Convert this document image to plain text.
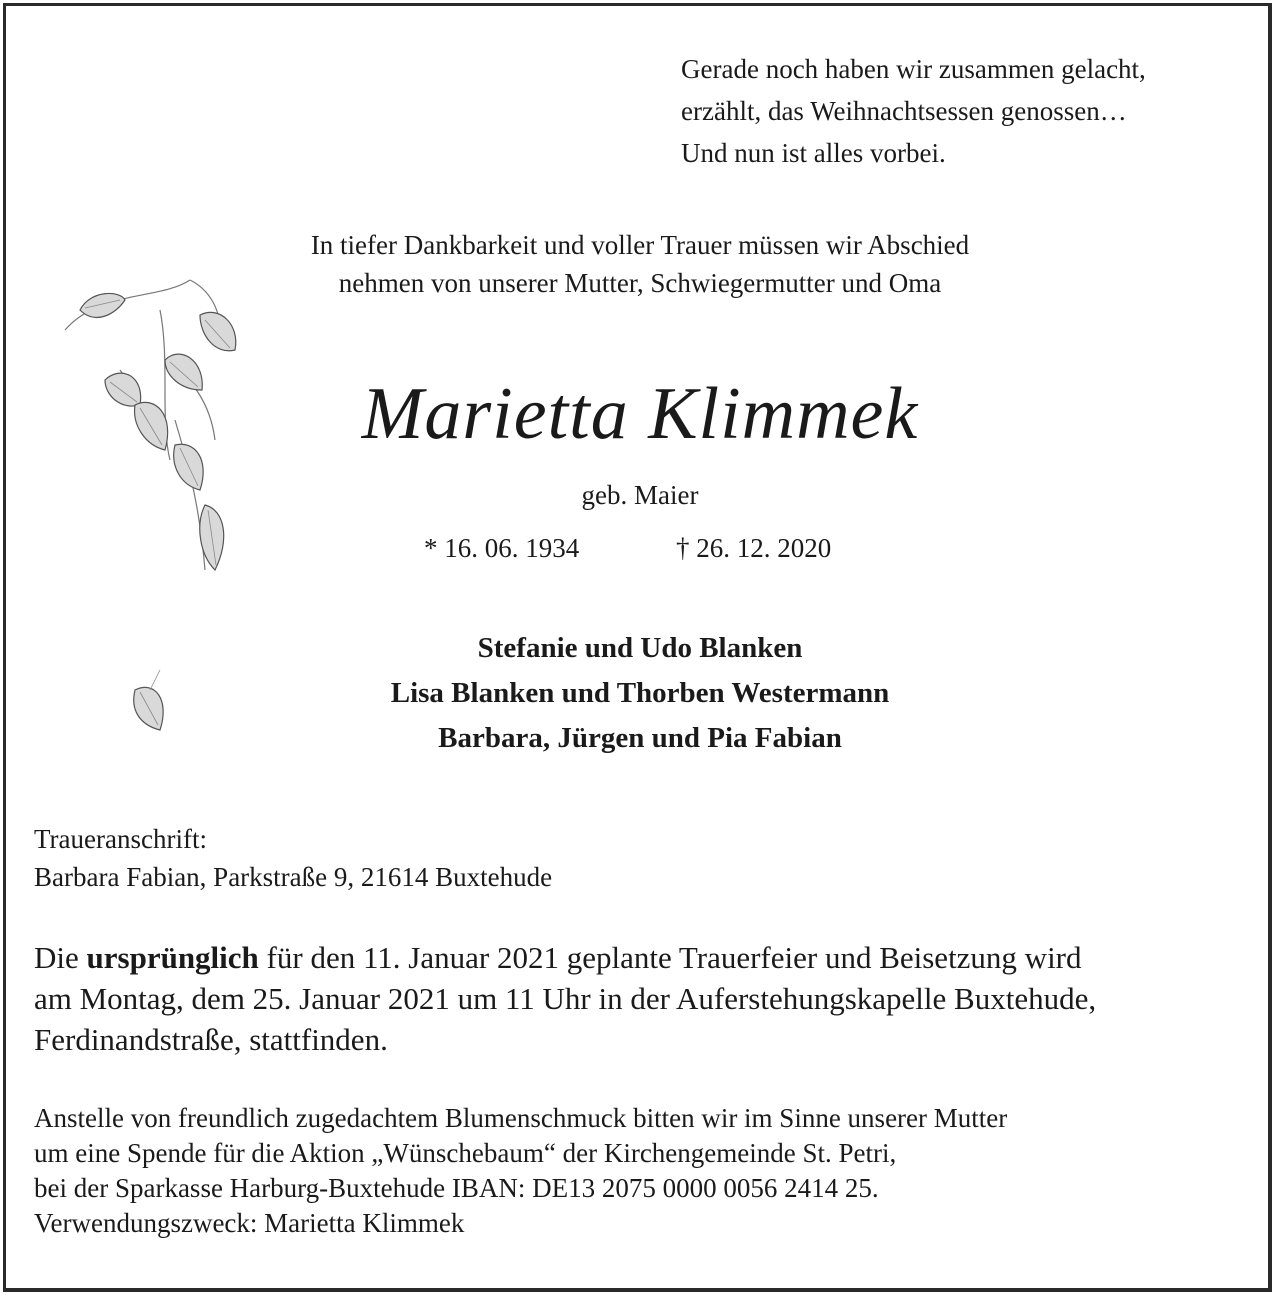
Gerade noch haben wir zusammen gelacht,
erzählt, das Weihnachtsessen genossen…
Und nun ist alles vorbei.
In tiefer Dankbarkeit und voller Trauer müssen wir Abschied
nehmen von unserer Mutter, Schwiegermutter und Oma
Marietta Klimmek
geb. Maier
* 16. 06. 1934	† 26. 12. 2020
Stefanie und Udo Blanken
Lisa Blanken und Thorben Westermann
Barbara, Jürgen und Pia Fabian
Traueranschrift:
Barbara Fabian, Parkstraße 9, 21614 Buxtehude
Die ursprünglich für den 11. Januar 2021 geplante Trauerfeier und Beisetzung wird
am Montag, dem 25. Januar 2021 um 11 Uhr in der Auferstehungskapelle Buxtehude,
Ferdinandstraße, stattfinden.
Anstelle von freundlich zugedachtem Blumenschmuck bitten wir im Sinne unserer Mutter
um eine Spende für die Aktion „Wünschebaum“ der Kirchengemeinde St. Petri,
bei der Sparkasse Harburg-Buxtehude IBAN: DE13 2075 0000 0056 2414 25.
Verwendungszweck: Marietta Klimmek
